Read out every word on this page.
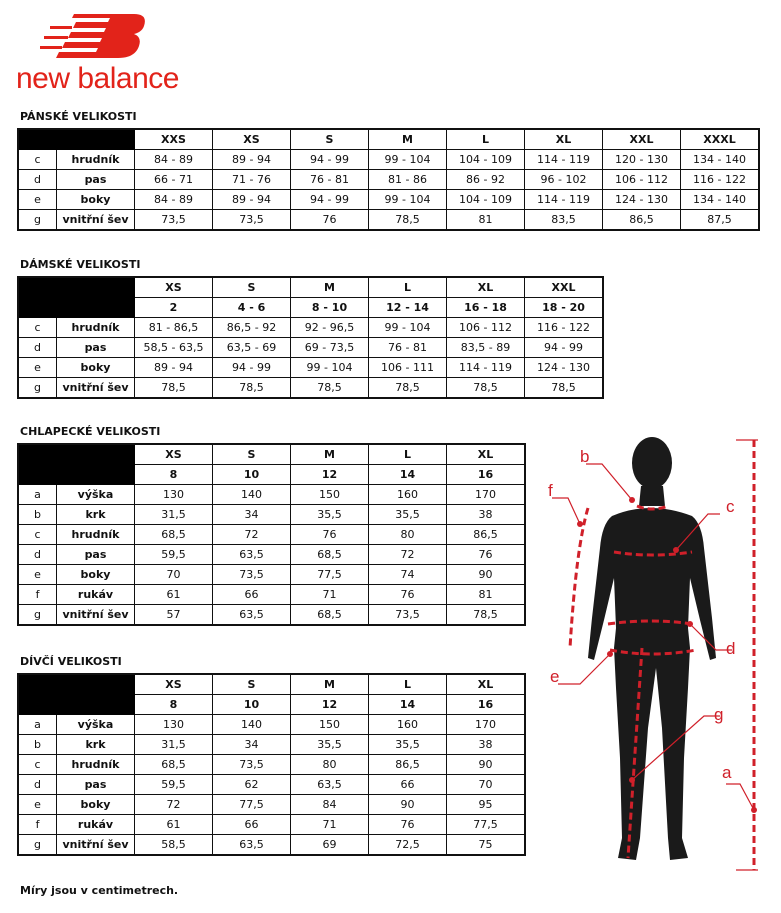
new balance

PÁNSKÉ VELIKOSTI

		XXS	XS	S	M	L	XL	XXL	XXXL
c	hrudník	84 - 89	89 - 94	94 - 99	99 - 104	104 - 109	114 - 119	120 - 130	134 - 140
d	pas	66 - 71	71 - 76	76 - 81	81 - 86	86 - 92	96 - 102	106 - 112	116 - 122
e	boky	84 - 89	89 - 94	94 - 99	99 - 104	104 - 109	114 - 119	124 - 130	134 - 140
g	vnitřní šev	73,5	73,5	76	78,5	81	83,5	86,5	87,5

DÁMSKÉ VELIKOSTI

		XS	S	M	L	XL	XXL
		2	4 - 6	8 - 10	12 - 14	16 - 18	18 - 20
c	hrudník	81 - 86,5	86,5 - 92	92 - 96,5	99 - 104	106 - 112	116 - 122
d	pas	58,5 - 63,5	63,5 - 69	69 - 73,5	76 - 81	83,5 - 89	94 - 99
e	boky	89 - 94	94 - 99	99 - 104	106 - 111	114 - 119	124 - 130
g	vnitřní šev	78,5	78,5	78,5	78,5	78,5	78,5

CHLAPECKÉ VELIKOSTI

		XS	S	M	L	XL
		8	10	12	14	16
a	výška	130	140	150	160	170
b	krk	31,5	34	35,5	35,5	38
c	hrudník	68,5	72	76	80	86,5
d	pas	59,5	63,5	68,5	72	76
e	boky	70	73,5	77,5	74	90
f	rukáv	61	66	71	76	81
g	vnitřní šev	57	63,5	68,5	73,5	78,5

DÍVČÍ VELIKOSTI

		XS	S	M	L	XL
		8	10	12	14	16
a	výška	130	140	150	160	170
b	krk	31,5	34	35,5	35,5	38
c	hrudník	68,5	73,5	80	86,5	90
d	pas	59,5	62	63,5	66	70
e	boky	72	77,5	84	90	95
f	rukáv	61	66	71	76	77,5
g	vnitřní šev	58,5	63,5	69	72,5	75

Míry jsou v centimetrech.

b
c
d
e
g
a
f
